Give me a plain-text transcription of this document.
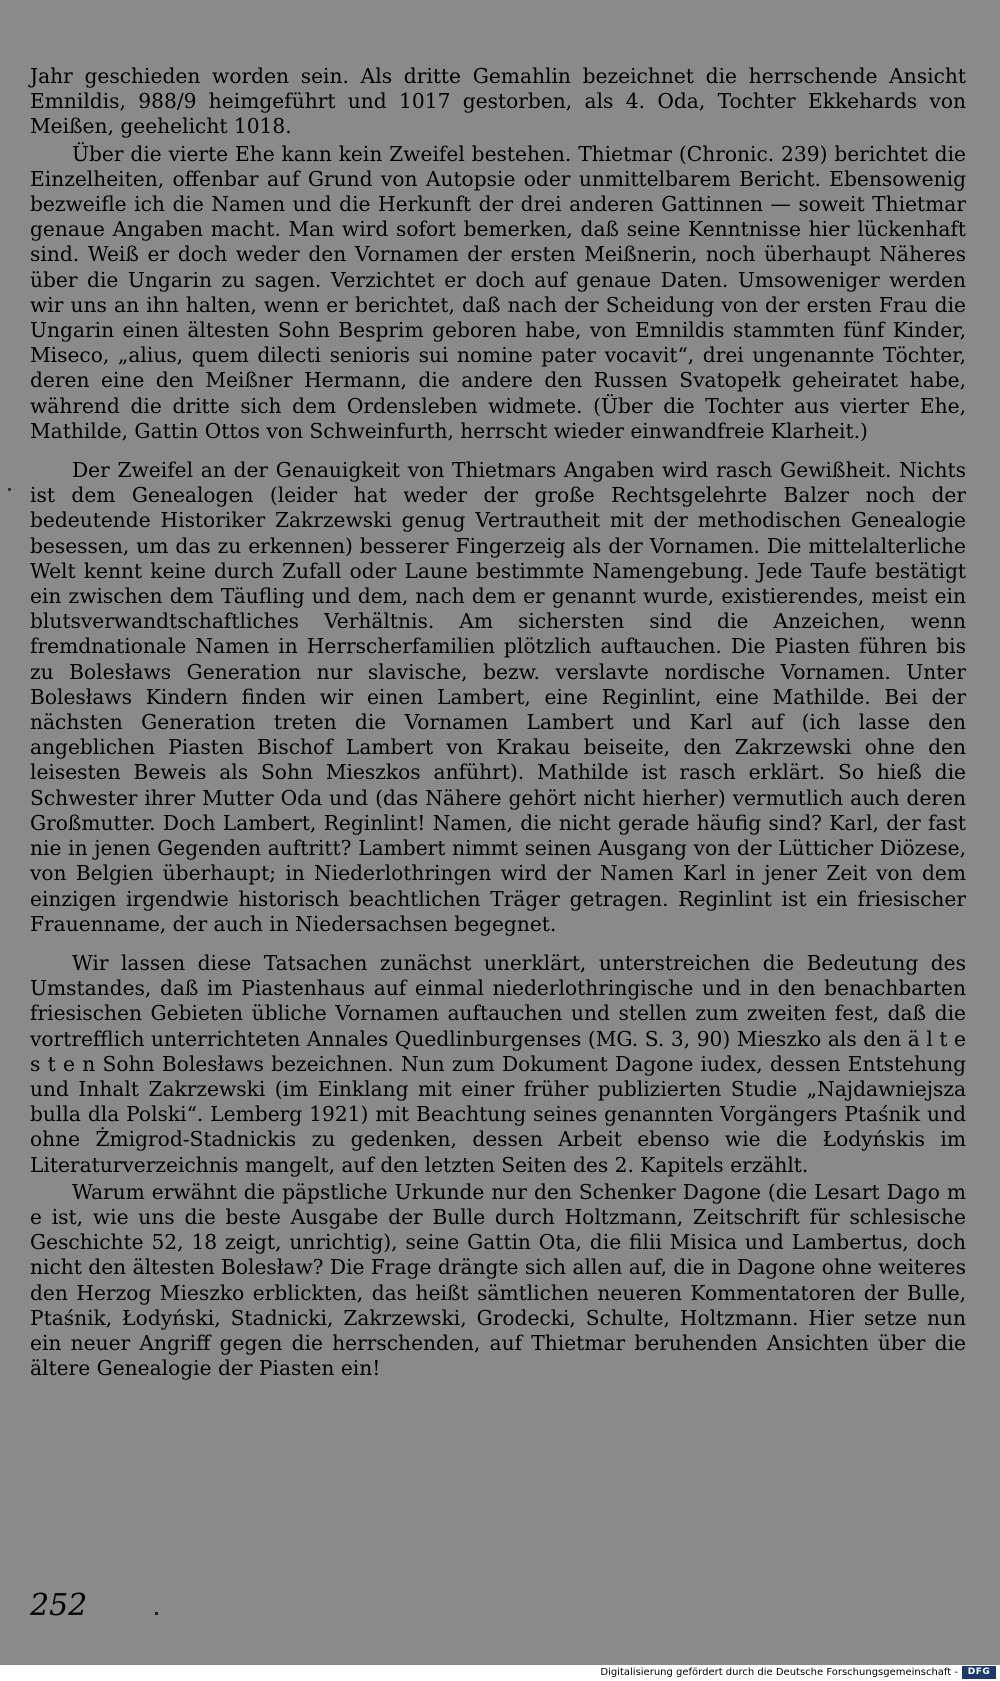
Jahr geschieden worden sein. Als dritte Gemahlin bezeichnet die herrschende Ansicht Emnildis, 988/9 heimgeführt und 1017 gestorben, als 4. Oda, Tochter Ekkehards von Meißen, geehelicht 1018.

Über die vierte Ehe kann kein Zweifel bestehen. Thietmar (Chronic. 239) berichtet die Einzelheiten, offenbar auf Grund von Autopsie oder unmittelbarem Bericht. Ebensowenig bezweifle ich die Namen und die Herkunft der drei anderen Gattinnen — soweit Thietmar genaue Angaben macht. Man wird sofort bemerken, daß seine Kenntnisse hier lückenhaft sind. Weiß er doch weder den Vornamen der ersten Meißnerin, noch überhaupt Näheres über die Ungarin zu sagen. Verzichtet er doch auf genaue Daten. Umsoweniger werden wir uns an ihn halten, wenn er berichtet, daß nach der Scheidung von der ersten Frau die Ungarin einen ältesten Sohn Besprim geboren habe, von Emnildis stammten fünf Kinder, Miseco, „alius, quem dilecti senioris sui nomine pater vocavit“, drei ungenannte Töchter, deren eine den Meißner Hermann, die andere den Russen Svatopełk geheiratet habe, während die dritte sich dem Ordensleben widmete. (Über die Tochter aus vierter Ehe, Mathilde, Gattin Ottos von Schweinfurth, herrscht wieder einwandfreie Klarheit.)

Der Zweifel an der Genauigkeit von Thietmars Angaben wird rasch Gewißheit. Nichts ist dem Genealogen (leider hat weder der große Rechtsgelehrte Balzer noch der bedeutende Historiker Zakrzewski genug Vertrautheit mit der methodischen Genealogie besessen, um das zu erkennen) besserer Fingerzeig als der Vornamen. Die mittelalterliche Welt kennt keine durch Zufall oder Laune bestimmte Namengebung. Jede Taufe bestätigt ein zwischen dem Täufling und dem, nach dem er genannt wurde, existierendes, meist ein blutsverwandtschaftliches Verhältnis. Am sichersten sind die Anzeichen, wenn fremdnationale Namen in Herrscherfamilien plötzlich auftauchen. Die Piasten führen bis zu Bolesławs Generation nur slavische, bezw. verslavte nordische Vornamen. Unter Bolesławs Kindern finden wir einen Lambert, eine Reginlint, eine Mathilde. Bei der nächsten Generation treten die Vornamen Lambert und Karl auf (ich lasse den angeblichen Piasten Bischof Lambert von Krakau beiseite, den Zakrzewski ohne den leisesten Beweis als Sohn Mieszkos anführt). Mathilde ist rasch erklärt. So hieß die Schwester ihrer Mutter Oda und (das Nähere gehört nicht hierher) vermutlich auch deren Großmutter. Doch Lambert, Reginlint! Namen, die nicht gerade häufig sind? Karl, der fast nie in jenen Gegenden auftritt? Lambert nimmt seinen Ausgang von der Lütticher Diözese, von Belgien überhaupt; in Niederlothringen wird der Namen Karl in jener Zeit von dem einzigen irgendwie historisch beachtlichen Träger getragen. Reginlint ist ein friesischer Frauenname, der auch in Niedersachsen begegnet.

Wir lassen diese Tatsachen zunächst unerklärt, unterstreichen die Bedeutung des Umstandes, daß im Piastenhaus auf einmal niederlothringische und in den benachbarten friesischen Gebieten übliche Vornamen auftauchen und stellen zum zweiten fest, daß die vortrefflich unterrichteten Annales Quedlinburgenses (MG. S. 3, 90) Mieszko als den ä l t e s t e n Sohn Bolesławs bezeichnen. Nun zum Dokument Dagone iudex, dessen Entstehung und Inhalt Zakrzewski (im Einklang mit einer früher publizierten Studie „Najdawniejsza bulla dla Polski“. Lemberg 1921) mit Beachtung seines genannten Vorgängers Ptaśnik und ohne Żmigrod-Stadnickis zu gedenken, dessen Arbeit ebenso wie die Łodyńskis im Literaturverzeichnis mangelt, auf den letzten Seiten des 2. Kapitels erzählt.

Warum erwähnt die päpstliche Urkunde nur den Schenker Dagone (die Lesart Dago m e ist, wie uns die beste Ausgabe der Bulle durch Holtzmann, Zeitschrift für schlesische Geschichte 52, 18 zeigt, unrichtig), seine Gattin Ota, die filii Misica und Lambertus, doch nicht den ältesten Bolesław? Die Frage drängte sich allen auf, die in Dagone ohne weiteres den Herzog Mieszko erblickten, das heißt sämtlichen neueren Kommentatoren der Bulle, Ptaśnik, Łodyński, Stadnicki, Zakrzewski, Grodecki, Schulte, Holtzmann. Hier setze nun ein neuer Angriff gegen die herrschenden, auf Thietmar beruhenden Ansichten über die ältere Genealogie der Piasten ein!

252
Digitalisierung gefördert durch die Deutsche Forschungsgemeinschaft -	DFG
